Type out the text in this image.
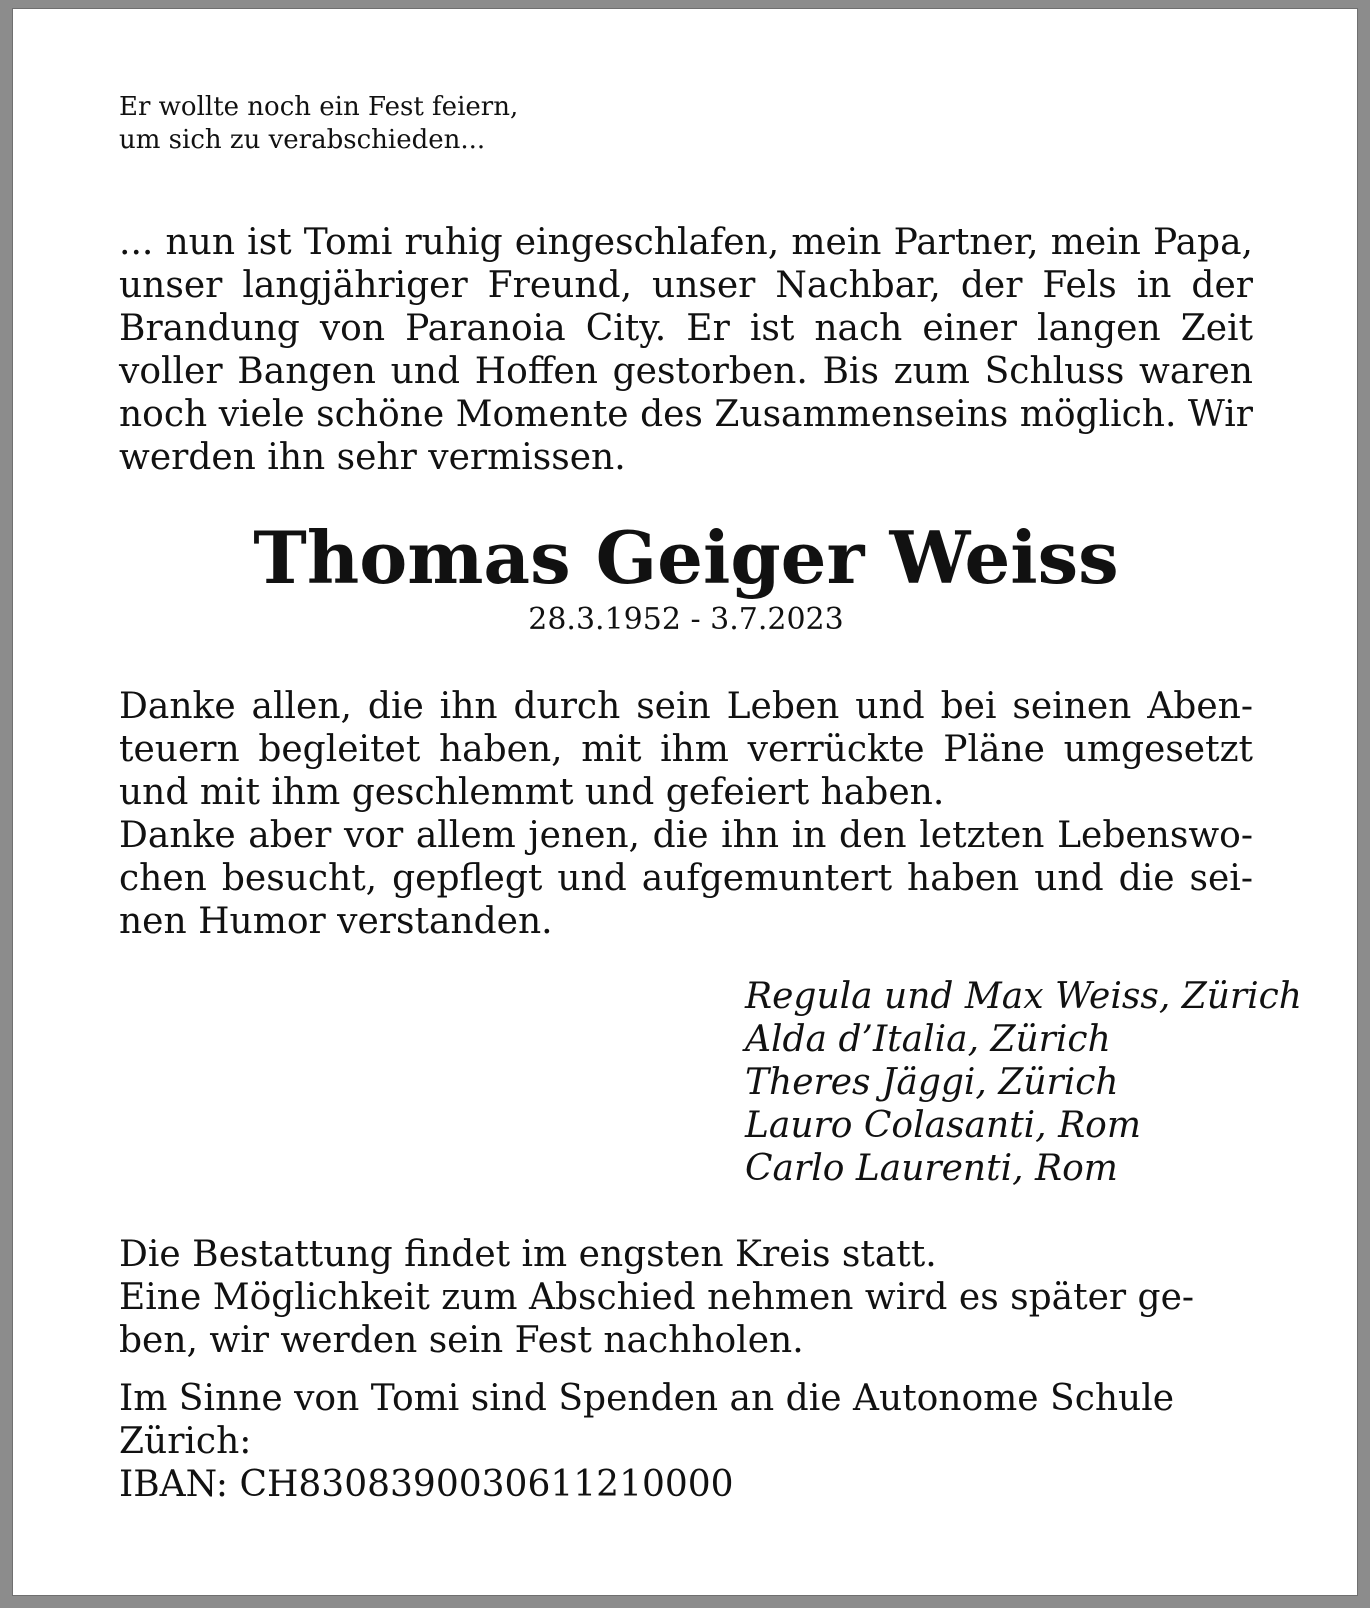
Er wollte noch ein Fest feiern,
um sich zu verabschieden...

... nun ist Tomi ruhig eingeschlafen, mein Partner, mein Papa, unser langjähriger Freund, unser Nachbar, der Fels in der Brandung von Paranoia City. Er ist nach einer langen Zeit voller Bangen und Hoffen gestorben. Bis zum Schluss waren noch viele schöne Momente des Zusammenseins möglich. Wir werden ihn sehr vermissen.

Thomas Geiger Weiss

28.3.1952 - 3.7.2023

Danke allen, die ihn durch sein Leben und bei seinen Abenteuern begleitet haben, mit ihm verrückte Pläne umgesetzt und mit ihm geschlemmt und gefeiert haben.
Danke aber vor allem jenen, die ihn in den letzten Lebenswochen besucht, gepflegt und aufgemuntert haben und die seinen Humor verstanden.
Regula und Max Weiss, Zürich
Alda d’Italia, Zürich
Theres Jäggi, Zürich
Lauro Colasanti, Rom
Carlo Laurenti, Rom
Die Bestattung findet im engsten Kreis statt.
Eine Möglichkeit zum Abschied nehmen wird es später geben, wir werden sein Fest nachholen.
Im Sinne von Tomi sind Spenden an die Autonome Schule Zürich:
IBAN: CH8308390030611210000
